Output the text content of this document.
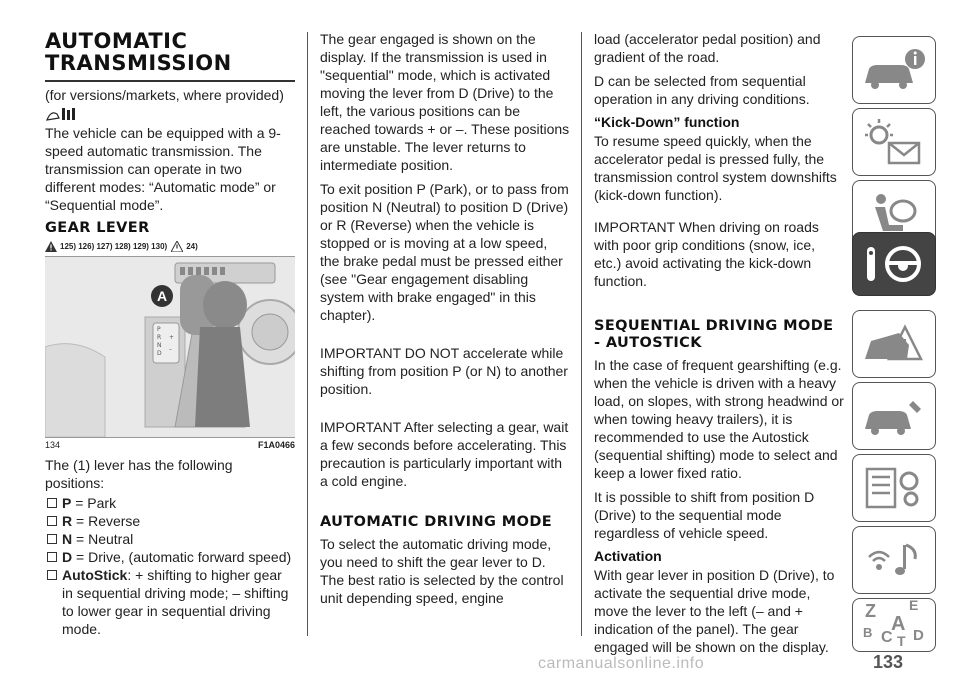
AUTOMATIC
TRANSMISSION

(for versions/markets, where provided)

The vehicle can be equipped with a 9-speed automatic transmission. The transmission can operate in two different modes: “Automatic mode” or “Sequential mode”.

GEAR LEVER
125) 126) 127) 128) 129) 130) 24)
P
R
N
D
+
–
A
134	F1A0466

The (1) lever has the following positions:

P = Park
R = Reverse
N = Neutral
D = Drive, (automatic forward speed)
AutoStick: + shifting to higher gear in sequential driving mode; – shifting to lower gear in sequential driving mode.

The gear engaged is shown on the display. If the transmission is used in "sequential" mode, which is activated moving the lever from D (Drive) to the left, the various positions can be reached towards + or –. These positions are unstable. The lever returns to intermediate position.

To exit position P (Park), or to pass from position N (Neutral) to position D (Drive) or R (Reverse) when the vehicle is stopped or is moving at a low speed, the brake pedal must be pressed either (see "Gear engagement disabling system with brake engaged" in this chapter).

IMPORTANT DO NOT accelerate while shifting from position P (or N) to another position.

IMPORTANT After selecting a gear, wait a few seconds before accelerating. This precaution is particularly important with a cold engine.

AUTOMATIC DRIVING MODE

To select the automatic driving mode, you need to shift the gear lever to D. The best ratio is selected by the control unit depending speed, engine

load (accelerator pedal position) and gradient of the road.

D can be selected from sequential operation in any driving conditions.

“Kick-Down” function

To resume speed quickly, when the accelerator pedal is pressed fully, the transmission control system downshifts (kick-down function).

IMPORTANT When driving on roads with poor grip conditions (snow, ice, etc.) avoid activating the kick-down function.

SEQUENTIAL DRIVING MODE - AUTOSTICK

In the case of frequent gearshifting (e.g. when the vehicle is driven with a heavy load, on slopes, with strong headwind or when towing heavy trailers), it is recommended to use the Autostick (sequential shifting) mode to select and keep a lower fixed ratio.

It is possible to shift from position D (Drive) to the sequential mode regardless of vehicle speed.

Activation

With gear lever in position D (Drive), to activate the sequential drive mode, move the lever to the left (– and + indication of the panel). The gear engaged will be shown on the display.

Z E
B A
C T D
carmanualsonline.info	133
